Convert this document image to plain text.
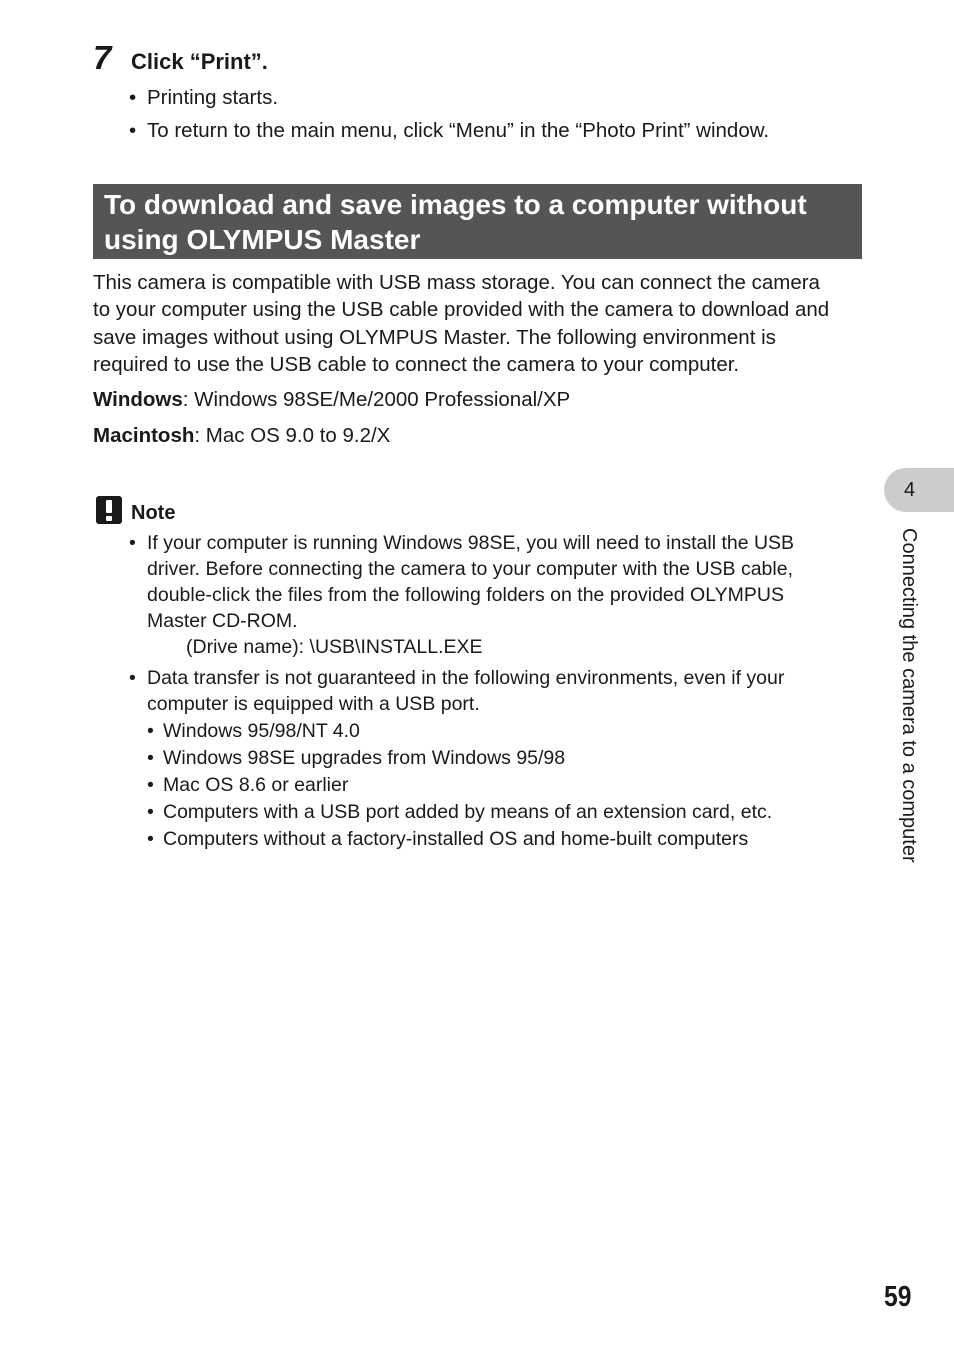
7 Click “Print”.
• Printing starts.
• To return to the main menu, click “Menu” in the “Photo Print” window.
To download and save images to a computer without
using OLYMPUS Master

This camera is compatible with USB mass storage. You can connect the camera
to your computer using the USB cable provided with the camera to download and
save images without using OLYMPUS Master. The following environment is
required to use the USB cable to connect the camera to your computer.

Windows: Windows 98SE/Me/2000 Professional/XP
Macintosh: Mac OS 9.0 to 9.2/X
Note
• If your computer is running Windows 98SE, you will need to install the USB
driver. Before connecting the camera to your computer with the USB cable,
double-click the files from the following folders on the provided OLYMPUS
Master CD-ROM.
(Drive name): \USB\INSTALL.EXE
• Data transfer is not guaranteed in the following environments, even if your
computer is equipped with a USB port.
• Windows 95/98/NT 4.0
• Windows 98SE upgrades from Windows 95/98
• Mac OS 8.6 or earlier
• Computers with a USB port added by means of an extension card, etc.
• Computers without a factory-installed OS and home-built computers
4
Connecting the camera to a computer
59
